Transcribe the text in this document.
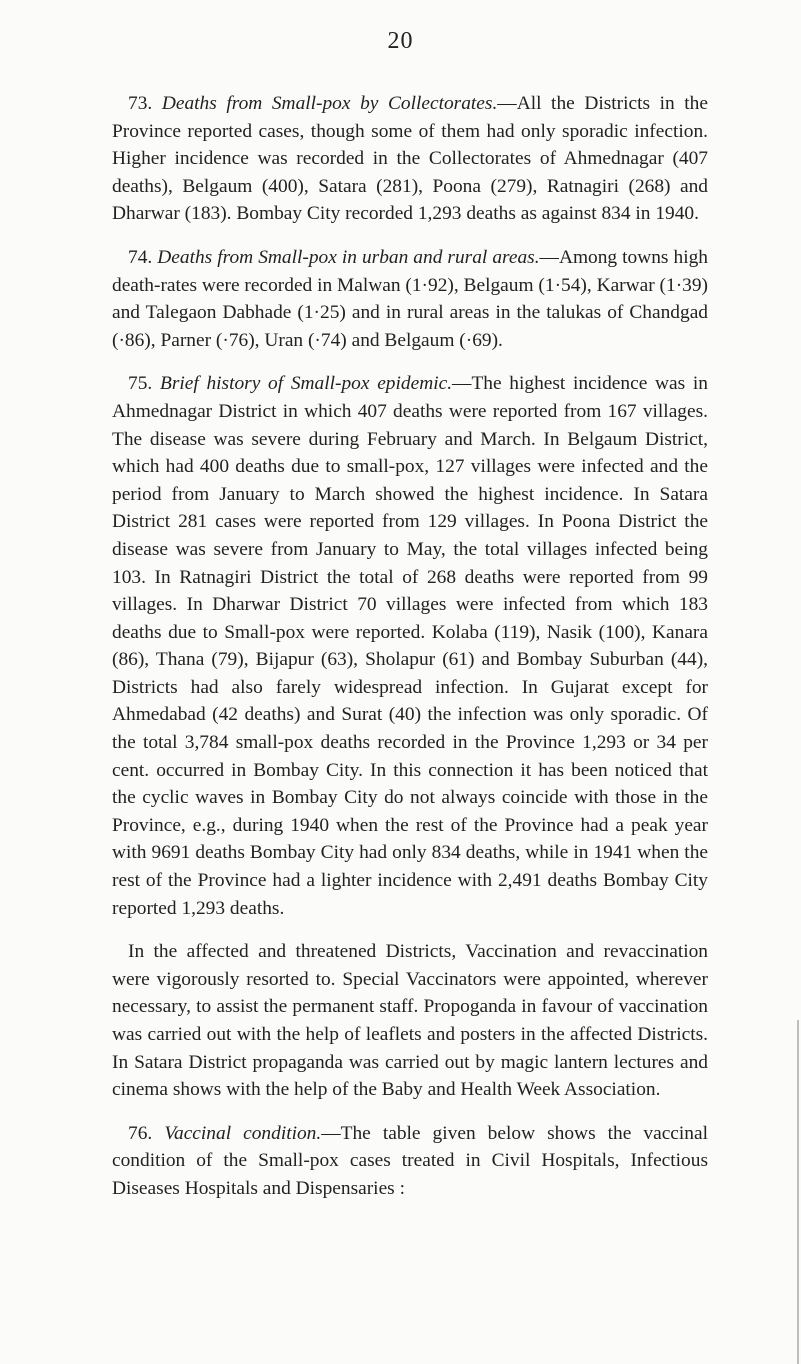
20

73. Deaths from Small-pox by Collectorates.—All the Districts in the Province reported cases, though some of them had only sporadic infection. Higher incidence was recorded in the Collectorates of Ahmednagar (407 deaths), Belgaum (400), Satara (281), Poona (279), Ratnagiri (268) and Dharwar (183). Bombay City recorded 1,293 deaths as against 834 in 1940.

74. Deaths from Small-pox in urban and rural areas.—Among towns high death-rates were recorded in Malwan (1·92), Belgaum (1·54), Karwar (1·39) and Talegaon Dabhade (1·25) and in rural areas in the talukas of Chandgad (·86), Parner (·76), Uran (·74) and Belgaum (·69).

75. Brief history of Small-pox epidemic.—The highest incidence was in Ahmednagar District in which 407 deaths were reported from 167 villages. The disease was severe during February and March. In Belgaum District, which had 400 deaths due to small-pox, 127 villages were infected and the period from January to March showed the highest incidence. In Satara District 281 cases were reported from 129 villages. In Poona District the disease was severe from January to May, the total villages infected being 103. In Ratnagiri District the total of 268 deaths were reported from 99 villages. In Dharwar District 70 villages were infected from which 183 deaths due to Small-pox were reported. Kolaba (119), Nasik (100), Kanara (86), Thana (79), Bijapur (63), Sholapur (61) and Bombay Suburban (44), Districts had also farely widespread infection. In Gujarat except for Ahmedabad (42 deaths) and Surat (40) the infection was only sporadic. Of the total 3,784 small-pox deaths recorded in the Province 1,293 or 34 per cent. occurred in Bombay City. In this connection it has been noticed that the cyclic waves in Bombay City do not always coincide with those in the Province, e.g., during 1940 when the rest of the Province had a peak year with 9691 deaths Bombay City had only 834 deaths, while in 1941 when the rest of the Province had a lighter incidence with 2,491 deaths Bombay City reported 1,293 deaths.

In the affected and threatened Districts, Vaccination and revaccination were vigorously resorted to. Special Vaccinators were appointed, wherever necessary, to assist the permanent staff. Propoganda in favour of vaccination was carried out with the help of leaflets and posters in the affected Districts. In Satara District propaganda was carried out by magic lantern lectures and cinema shows with the help of the Baby and Health Week Association.

76. Vaccinal condition.—The table given below shows the vaccinal condition of the Small-pox cases treated in Civil Hospitals, Infectious Diseases Hospitals and Dispensaries :
